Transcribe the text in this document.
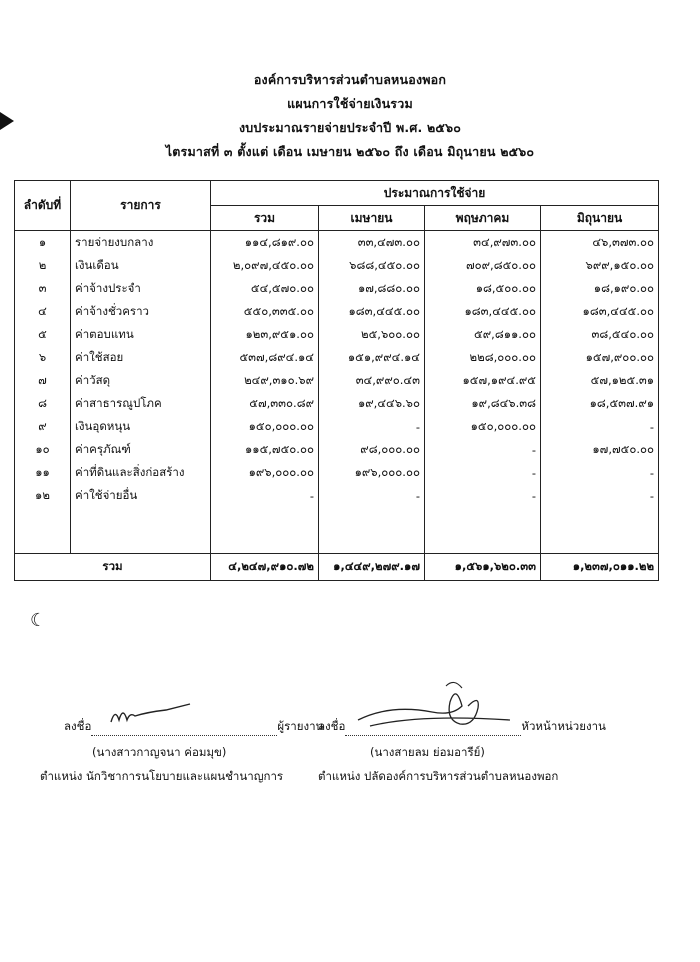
องค์การบริหารส่วนตำบลหนองพอก
แผนการใช้จ่ายเงินรวม
งบประมาณรายจ่ายประจำปี พ.ศ. ๒๕๖๐
ไตรมาสที่ ๓ ตั้งแต่ เดือน เมษายน ๒๕๖๐ ถึง เดือน มิถุนายน ๒๕๖๐
ลำดับที่	รายการ	ประมาณการใช้จ่าย			
		รวม	เมษายน	พฤษภาคม	มิถุนายน
๑	รายจ่ายงบกลาง	๑๑๔,๘๑๙.๐๐	๓๓,๔๗๓.๐๐	๓๔,๙๗๓.๐๐	๔๖,๓๗๓.๐๐
๒	เงินเดือน	๒,๐๙๗,๔๕๐.๐๐	๖๘๘,๔๕๐.๐๐	๗๐๙,๘๕๐.๐๐	๖๙๙,๑๕๐.๐๐
๓	ค่าจ้างประจำ	๕๔,๕๗๐.๐๐	๑๗,๘๘๐.๐๐	๑๘,๕๐๐.๐๐	๑๘,๑๙๐.๐๐
๔	ค่าจ้างชั่วคราว	๕๕๐,๓๓๕.๐๐	๑๘๓,๔๔๕.๐๐	๑๘๓,๔๔๕.๐๐	๑๘๓,๔๔๕.๐๐
๕	ค่าตอบแทน	๑๒๓,๙๕๑.๐๐	๒๕,๖๐๐.๐๐	๕๙,๘๑๑.๐๐	๓๘,๕๔๐.๐๐
๖	ค่าใช้สอย	๕๓๗,๘๙๔.๑๔	๑๕๑,๙๙๔.๑๔	๒๒๘,๐๐๐.๐๐	๑๕๗,๙๐๐.๐๐
๗	ค่าวัสดุ	๒๔๙,๓๑๐.๖๙	๓๔,๙๙๐.๔๓	๑๕๗,๑๙๔.๙๕	๕๗,๑๒๕.๓๑
๘	ค่าสาธารณูปโภค	๕๗,๓๓๐.๘๙	๑๙,๔๔๖.๖๐	๑๙,๘๔๖.๓๘	๑๘,๕๓๗.๙๑
๙	เงินอุดหนุน	๑๕๐,๐๐๐.๐๐	-	๑๕๐,๐๐๐.๐๐	-
๑๐	ค่าครุภัณฑ์	๑๑๕,๗๕๐.๐๐	๙๘,๐๐๐.๐๐	-	๑๗,๗๕๐.๐๐
๑๑	ค่าที่ดินและสิ่งก่อสร้าง	๑๙๖,๐๐๐.๐๐	๑๙๖,๐๐๐.๐๐	-	-
๑๒	ค่าใช้จ่ายอื่น	-	-	-	-

รวม		๔,๒๔๗,๙๑๐.๗๒	๑,๔๔๙,๒๗๙.๑๗	๑,๕๖๑,๖๒๐.๓๓	๑,๒๓๗,๐๑๑.๒๒
☾
ลงชื่อ	ผู้รายงาน
(นางสาวกาญจนา ค่อมมุข)
ตำแหน่ง นักวิชาการนโยบายและแผนชำนาญการ
ลงชื่อ	หัวหน้าหน่วยงาน
(นางสายลม ย่อมอารีย์)
ตำแหน่ง ปลัดองค์การบริหารส่วนตำบลหนองพอก
